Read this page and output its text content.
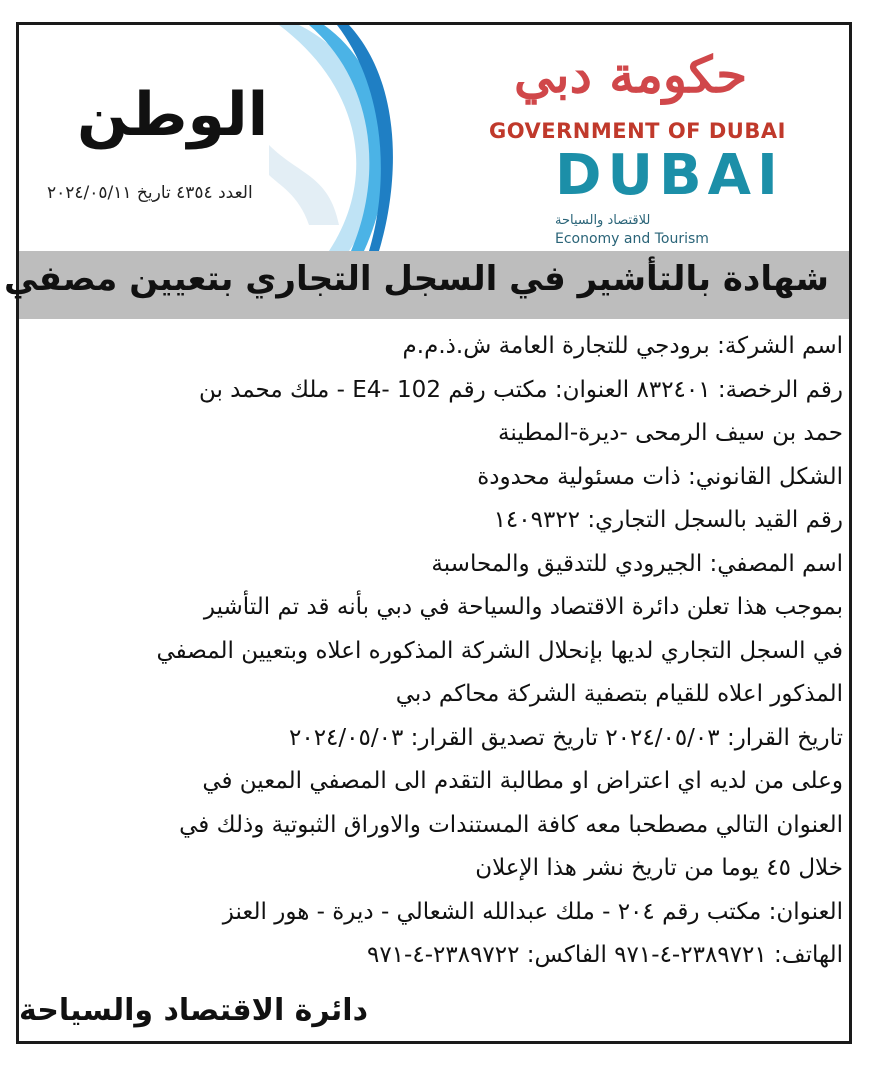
الوطن
العدد ٤٣٥٤ تاريخ ٢٠٢٤/٠٥/١١
حكومة دبي
GOVERNMENT OF DUBAI
DUBAI
للاقتصاد والسياحة
Economy and Tourism
شهادة بالتأشير في السجل التجاري بتعيين مصفي
اسم الشركة: برودجي للتجارة العامة ش.ذ.م.م
رقم الرخصة: ٨٣٢٤٠١ العنوان: مكتب رقم 102 -E4 - ملك محمد بن
حمد بن سيف الرمحى -ديرة-المطينة
الشكل القانوني: ذات مسئولية محدودة
رقم القيد بالسجل التجاري: ١٤٠٩٣٢٢
اسم المصفي: الجيرودي للتدقيق والمحاسبة
بموجب هذا تعلن دائرة الاقتصاد والسياحة في دبي بأنه قد تم التأشير
في السجل التجاري لديها بإنحلال الشركة المذكوره اعلاه وبتعيين المصفي
المذكور اعلاه للقيام بتصفية الشركة محاكم دبي
تاريخ القرار: ٢٠٢٤/٠٥/٠٣ تاريخ تصديق القرار: ٢٠٢٤/٠٥/٠٣
وعلى من لديه اي اعتراض او مطالبة التقدم الى المصفي المعين في
العنوان التالي مصطحبا معه كافة المستندات والاوراق الثبوتية وذلك في
خلال ٤٥ يوما من تاريخ نشر هذا الإعلان
العنوان: مكتب رقم ٢٠٤ - ملك عبدالله الشعالي - ديرة - هور العنز
الهاتف: ٢٣٨٩٧٢١-٤-٩٧١ الفاكس: ٢٣٨٩٧٢٢-٤-٩٧١
دائرة الاقتصاد والسياحة
